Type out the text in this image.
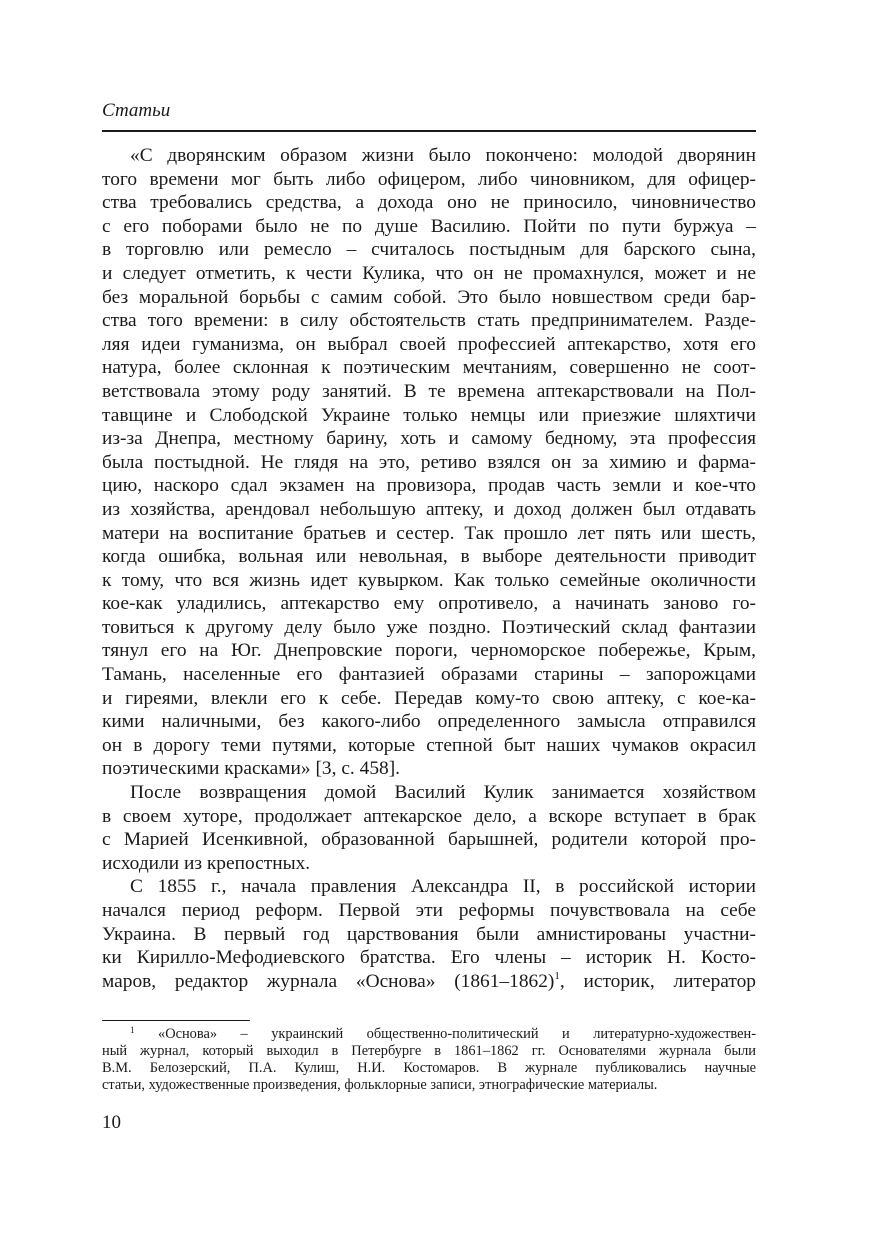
Статьи
«С дворянским образом жизни было покончено: молодой дворянин
того времени мог быть либо офицером, либо чиновником, для офицер-
ства требовались средства, а дохода оно не приносило, чиновничество
с его поборами было не по душе Василию. Пойти по пути буржуа –
в торговлю или ремесло – считалось постыдным для барского сына,
и следует отметить, к чести Кулика, что он не промахнулся, может и не
без моральной борьбы с самим собой. Это было новшеством среди бар-
ства того времени: в силу обстоятельств стать предпринимателем. Разде-
ляя идеи гуманизма, он выбрал своей профессией аптекарство, хотя его
натура, более склонная к поэтическим мечтаниям, совершенно не соот-
ветствовала этому роду занятий. В те времена аптекарствовали на Пол-
тавщине и Слободской Украине только немцы или приезжие шляхтичи
из-за Днепра, местному барину, хоть и самому бедному, эта профессия
была постыдной. Не глядя на это, ретиво взялся он за химию и фарма-
цию, наскоро сдал экзамен на провизора, продав часть земли и кое-что
из хозяйства, арендовал небольшую аптеку, и доход должен был отдавать
матери на воспитание братьев и сестер. Так прошло лет пять или шесть,
когда ошибка, вольная или невольная, в выборе деятельности приводит
к тому, что вся жизнь идет кувырком. Как только семейные околичности
кое-как уладились, аптекарство ему опротивело, а начинать заново го-
товиться к другому делу было уже поздно. Поэтический склад фантазии
тянул его на Юг. Днепровские пороги, черноморское побережье, Крым,
Тамань, населенные его фантазией образами старины – запорожцами
и гиреями, влекли его к себе. Передав кому-то свою аптеку, с кое-ка-
кими наличными, без какого-либо определенного замысла отправился
он в дорогу теми путями, которые степной быт наших чумаков окрасил
поэтическими красками» [3, с. 458].
После возвращения домой Василий Кулик занимается хозяйством
в своем хуторе, продолжает аптекарское дело, а вскоре вступает в брак
с Марией Исенкивной, образованной барышней, родители которой про-
исходили из крепостных.
С 1855 г., начала правления Александра II, в российской истории
начался период реформ. Первой эти реформы почувствовала на себе
Украина. В первый год царствования были амнистированы участни-
ки Кирилло-Мефодиевского братства. Его члены – историк Н. Косто-
маров, редактор журнала «Основа» (1861–1862)$^1$, историк, литератор
$^1$ «Основа» – украинский общественно-политический и литературно-художествен-
ный журнал, который выходил в Петербурге в 1861–1862 гг. Основателями журнала были
В.М. Белозерский, П.А. Кулиш, Н.И. Костомаров. В журнале публиковались научные
статьи, художественные произведения, фольклорные записи, этнографические материалы.
10
